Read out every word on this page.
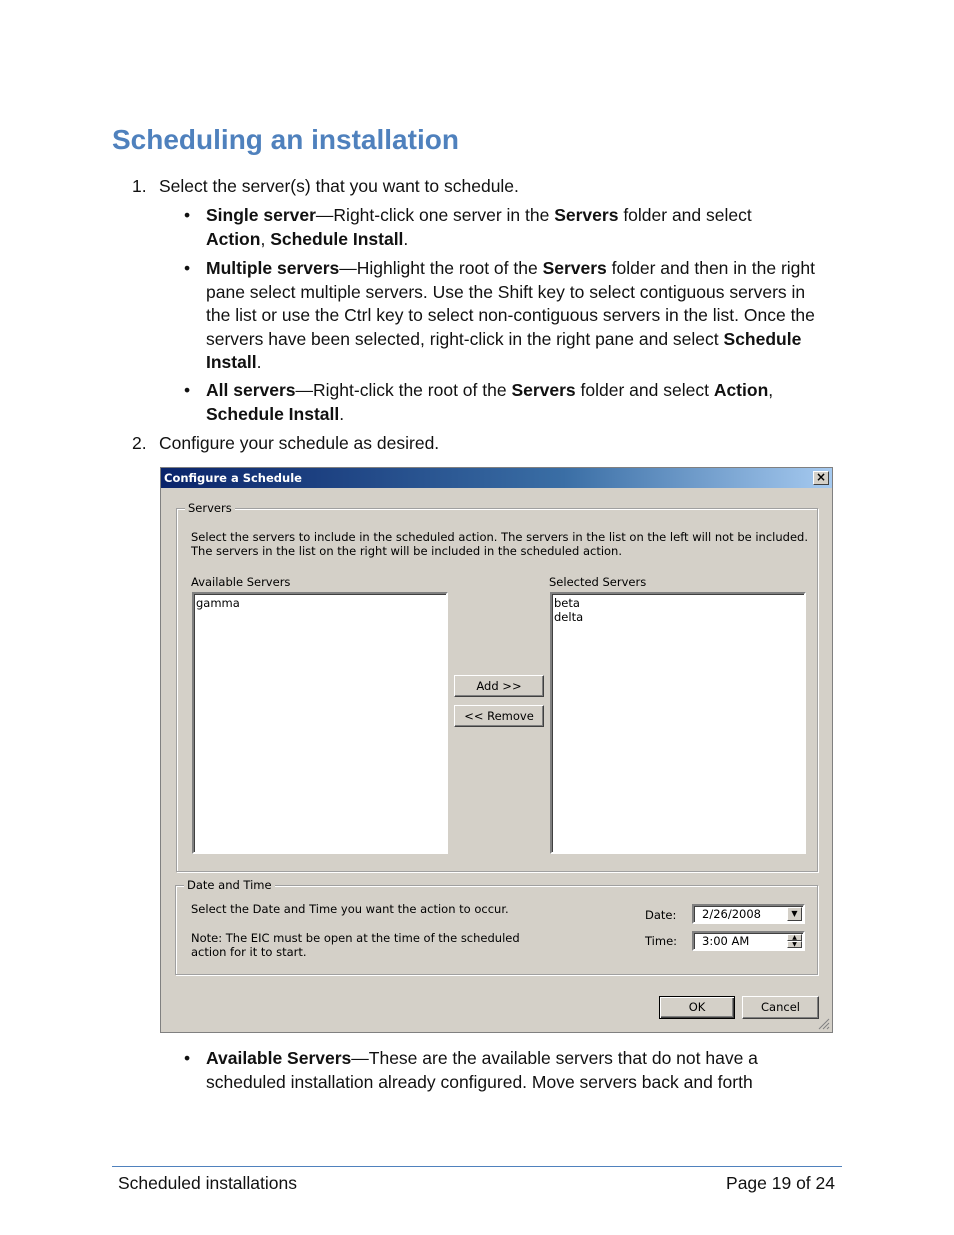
Scheduling an installation
1. Select the server(s) that you want to schedule.
• Single server—Right-click one server in the Servers folder and select
Action, Schedule Install.
• Multiple servers—Highlight the root of the Servers folder and then in the right pane select multiple servers. Use the Shift key to select contiguous servers in the list or use the Ctrl key to select non-contiguous servers in the list. Once the servers have been selected, right-click in the right pane and select Schedule Install.
• All servers—Right-click the root of the Servers folder and select Action,
Schedule Install.
2. Configure your schedule as desired.
Configure a Schedule	×
Servers
Select the servers to include in the scheduled action. The servers in the list on the left will not be included.
The servers in the list on the right will be included in the scheduled action.
Available Servers
gamma
Selected Servers
beta
delta
Add >>
<< Remove
Date and Time
Select the Date and Time you want the action to occur.
Note: The EIC must be open at the time of the scheduled
action for it to start.
Date:	2/26/2008	▼
Time:	3:00 AM	▲
▼
OK	Cancel
• Available Servers—These are the available servers that do not have a scheduled installation already configured. Move servers back and forth
Scheduled installations	Page 19 of 24
